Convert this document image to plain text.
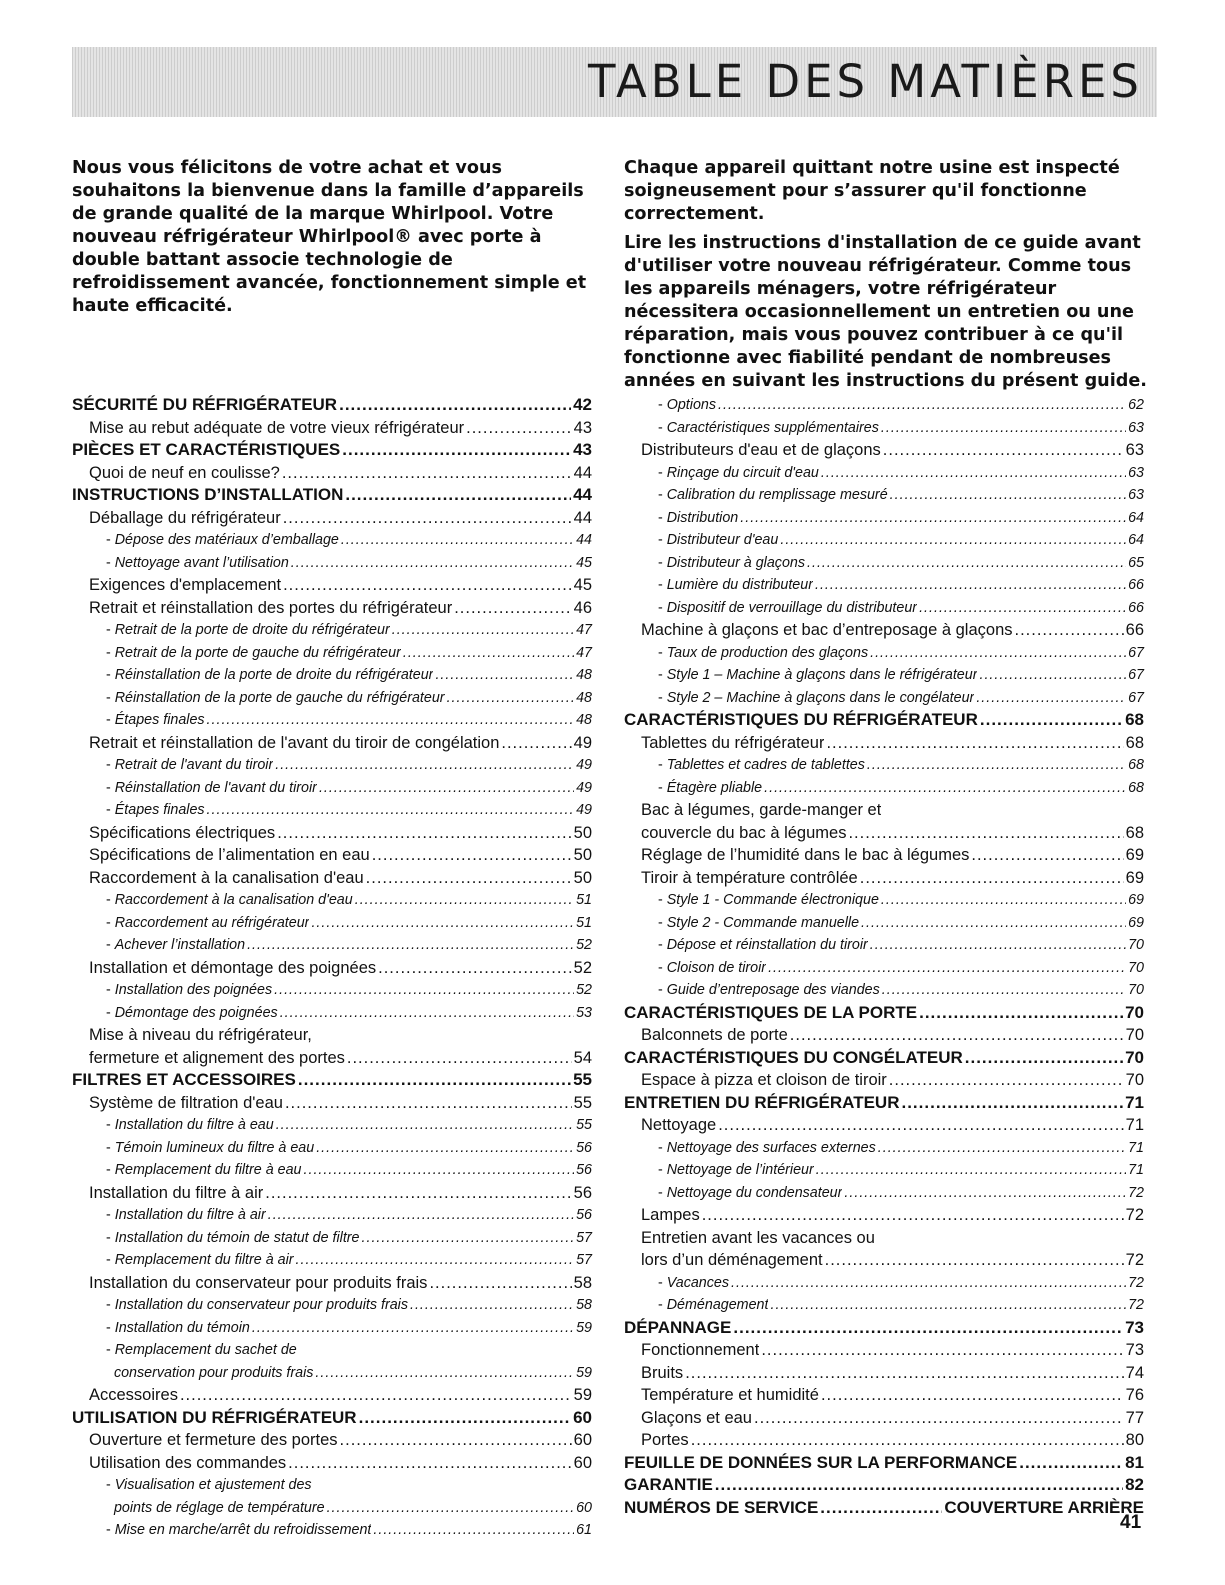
TABLE DES MATIÈRES

Nous vous félicitons de votre achat et vous souhaitons la bienvenue dans la famille d’appareils de grande qualité de la marque Whirlpool. Votre nouveau réfrigérateur Whirlpool® avec porte à double battant associe technologie de refroidissement avancée, fonctionnement simple et haute efficacité.

Chaque appareil quittant notre usine est inspecté soigneusement pour s’assurer qu'il fonctionne correctement.

Lire les instructions d'installation de ce guide avant d'utiliser votre nouveau réfrigérateur. Comme tous les appareils ménagers, votre réfrigérateur nécessitera occasionnellement un entretien ou une réparation, mais vous pouvez contribuer à ce qu'il fonctionne avec fiabilité pendant de nombreuses années en suivant les instructions du présent guide.

SÉCURITÉ DU RÉFRIGÉRATEUR .....	42
Mise au rebut adéquate de votre vieux réfrigérateur .....	43
PIÈCES ET CARACTÉRISTIQUES .....	43
Quoi de neuf en coulisse? .....	44
INSTRUCTIONS D’INSTALLATION .....	44
Déballage du réfrigérateur .....	44
- Dépose des matériaux d’emballage .....	44
- Nettoyage avant l’utilisation .....	45
Exigences d'emplacement .....	45
Retrait et réinstallation des portes du réfrigérateur .....	46
- Retrait de la porte de droite du réfrigérateur .....	47
- Retrait de la porte de gauche du réfrigérateur .....	47
- Réinstallation de la porte de droite du réfrigérateur .....	48
- Réinstallation de la porte de gauche du réfrigérateur .....	48
- Étapes finales .....	48
Retrait et réinstallation de l'avant du tiroir de congélation .....	49
- Retrait de l'avant du tiroir .....	49
- Réinstallation de l'avant du tiroir .....	49
- Étapes finales .....	49
Spécifications électriques .....	50
Spécifications de l’alimentation en eau .....	50
Raccordement à la canalisation d'eau .....	50
- Raccordement à la canalisation d'eau .....	51
- Raccordement au réfrigérateur .....	51
- Achever l’installation .....	52
Installation et démontage des poignées .....	52
- Installation des poignées .....	52
- Démontage des poignées .....	53
Mise à niveau du réfrigérateur,
fermeture et alignement des portes .....	54
FILTRES ET ACCESSOIRES .....	55
Système de filtration d'eau .....	55
- Installation du filtre à eau .....	55
- Témoin lumineux du filtre à eau .....	56
- Remplacement du filtre à eau .....	56
Installation du filtre à air .....	56
- Installation du filtre à air .....	56
- Installation du témoin de statut de filtre .....	57
- Remplacement du filtre à air .....	57
Installation du conservateur pour produits frais .....	58
- Installation du conservateur pour produits frais .....	58
- Installation du témoin .....	59
- Remplacement du sachet de
conservation pour produits frais .....	59
Accessoires .....	59
UTILISATION DU RÉFRIGÉRATEUR .....	60
Ouverture et fermeture des portes .....	60
Utilisation des commandes .....	60
- Visualisation et ajustement des
points de réglage de température .....	60
- Mise en marche/arrêt du refroidissement .....	61
- Options .....	62
- Caractéristiques supplémentaires .....	63
Distributeurs d'eau et de glaçons .....	63
- Rinçage du circuit d'eau .....	63
- Calibration du remplissage mesuré .....	63
- Distribution .....	64
- Distributeur d'eau .....	64
- Distributeur à glaçons .....	65
- Lumière du distributeur .....	66
- Dispositif de verrouillage du distributeur .....	66
Machine à glaçons et bac d’entreposage à glaçons .....	66
- Taux de production des glaçons .....	67
- Style 1 – Machine à glaçons dans le réfrigérateur .....	67
- Style 2 – Machine à glaçons dans le congélateur .....	67
CARACTÉRISTIQUES DU RÉFRIGÉRATEUR .....	68
Tablettes du réfrigérateur .....	68
- Tablettes et cadres de tablettes .....	68
- Étagère pliable .....	68
Bac à légumes, garde-manger et
couvercle du bac à légumes .....	68
Réglage de l’humidité dans le bac à légumes .....	69
Tiroir à température contrôlée .....	69
- Style 1 - Commande électronique .....	69
- Style 2 - Commande manuelle .....	69
- Dépose et réinstallation du tiroir .....	70
- Cloison de tiroir .....	70
- Guide d’entreposage des viandes .....	70
CARACTÉRISTIQUES DE LA PORTE .....	70
Balconnets de porte .....	70
CARACTÉRISTIQUES DU CONGÉLATEUR .....	70
Espace à pizza et cloison de tiroir .....	70
ENTRETIEN DU RÉFRIGÉRATEUR .....	71
Nettoyage .....	71
- Nettoyage des surfaces externes .....	71
- Nettoyage de l’intérieur .....	71
- Nettoyage du condensateur .....	72
Lampes .....	72
Entretien avant les vacances ou
lors d’un déménagement .....	72
- Vacances .....	72
- Déménagement .....	72
DÉPANNAGE .....	73
Fonctionnement .....	73
Bruits .....	74
Température et humidité .....	76
Glaçons et eau .....	77
Portes .....	80
FEUILLE DE DONNÉES SUR LA PERFORMANCE .....	81
GARANTIE .....	82
NUMÉROS DE SERVICE .....	COUVERTURE ARRIÈRE

41
